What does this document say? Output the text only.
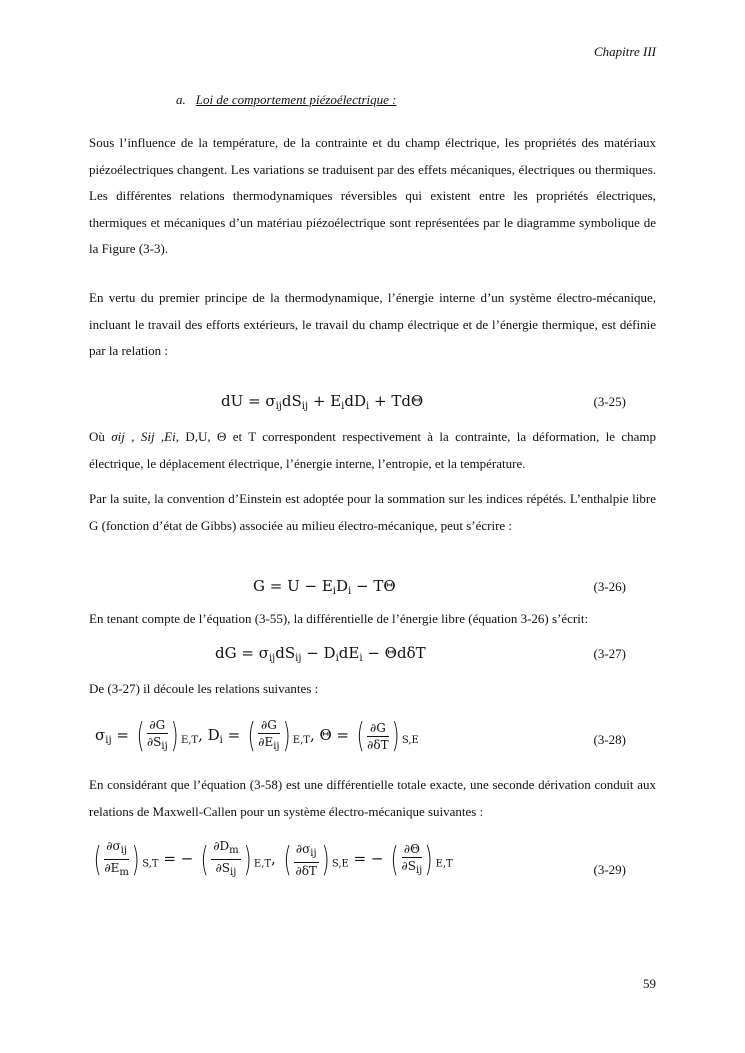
Chapitre III
a. Loi de comportement piézoélectrique :

Sous l’influence de la température, de la contrainte et du champ électrique, les propriétés des matériaux piézoélectriques changent. Les variations se traduisent par des effets mécaniques, électriques ou thermiques. Les différentes relations thermodynamiques réversibles qui existent entre les propriétés électriques, thermiques et mécaniques d’un matériau piézoélectrique sont représentées par le diagramme symbolique de la Figure (3-3).

En vertu du premier principe de la thermodynamique, l’énergie interne d’un système électro-mécanique, incluant le travail des efforts extérieurs, le travail du champ électrique et de l’énergie thermique, est définie par la relation :

dU = $\sigma_{ij}dS_{ij} + E_idD_i + Td\Theta$	(3-25)

Où σij , Sij ,Ei, D,U, Θ et T correspondent respectivement à la contrainte, la déformation, le champ électrique, le déplacement électrique, l’énergie interne, l’entropie, et la température.

Par la suite, la convention d’Einstein est adoptée pour la sommation sur les indices répétés. L’enthalpie libre G (fonction d’état de Gibbs) associée au milieu électro-mécanique, peut s’écrire :

$G = U - E_iD_i - T\Theta$	(3-26)

En tenant compte de l’équation (3-55), la différentielle de l’énergie libre (équation 3-26) s’écrit:

dG = $\sigma_{ij}dS_{ij} - D_idE_i - \Theta d\delta T$	(3-27)

De (3-27) il découle les relations suivantes :

$\sigma_{ij}$ = ( $\frac{\partial G}{\partial S_{ij}}$ ) $_{E,T}$, $D_i$ = ( $\frac{\partial G}{\partial E_{ij}}$ ) $_{E,T}$, Θ = ( $\frac{\partial G}{\partial\delta T}$ ) $_{S,E}$	(3-28)

En considérant que l’équation (3-58) est une différentielle totale exacte, une seconde dérivation conduit aux relations de Maxwell-Callen pour un système électro-mécanique suivantes :

( $\frac{\partial\sigma_{ij}}{\partial E_m}$ ) $_{S,T}$ = − ( $\frac{\partial D_m}{\partial S_{ij}}$ ) $_{E,T}$, ( $\frac{\partial\sigma_{ij}}{\partial\delta T}$ ) $_{S,E}$ = − ( $\frac{\partial\Theta}{\partial S_{ij}}$ ) $_{E,T}$	(3-29)
59
